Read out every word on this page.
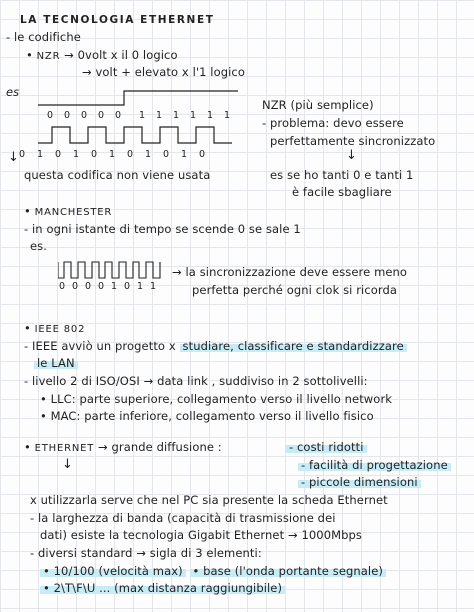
LA TECNOLOGIA ETHERNET
- le codifiche
• NZR → 0volt x il 0 logico
→ volt + elevato x l'1 logico
es
0	0	0	0	0	1	1	1	1	1	1
0	1	0	1	0	1	0	1	0	1	0
NZR (più semplice)
- problema: devo essere
perfettamente sincronizzato
↓
↓
questa codifica non viene usata	es se ho tanti 0 e tanti 1
è facile sbagliare
• MANCHESTER
- in ogni istante di tempo se scende 0 se sale 1
es.
0 0 0 0 1 0 1 1
→ la sincronizzazione deve essere meno
perfetta perché ogni clok si ricorda
• IEEE 802
- IEEE avviò un progetto x studiare, classificare e standardizzare
le LAN
- livello 2 di ISO/OSI → data link , suddiviso in 2 sottolivelli:
• LLC: parte superiore, collegamento verso il livello network
• MAC: parte inferiore, collegamento verso il livello fisico
• ETHERNET → grande diffusione :	- costi ridotti
- facilità di progettazione
- piccole dimensioni
↓
x utilizzarla serve che nel PC sia presente la scheda Ethernet
- la larghezza di banda (capacità di trasmissione dei
dati) esiste la tecnologia Gigabit Ethernet → 1000Mbps
- diversi standard → sigla di 3 elementi:
• 10/100 (velocità max) • base (l'onda portante segnale)
• 2\T\F\U ... (max distanza raggiungibile)
